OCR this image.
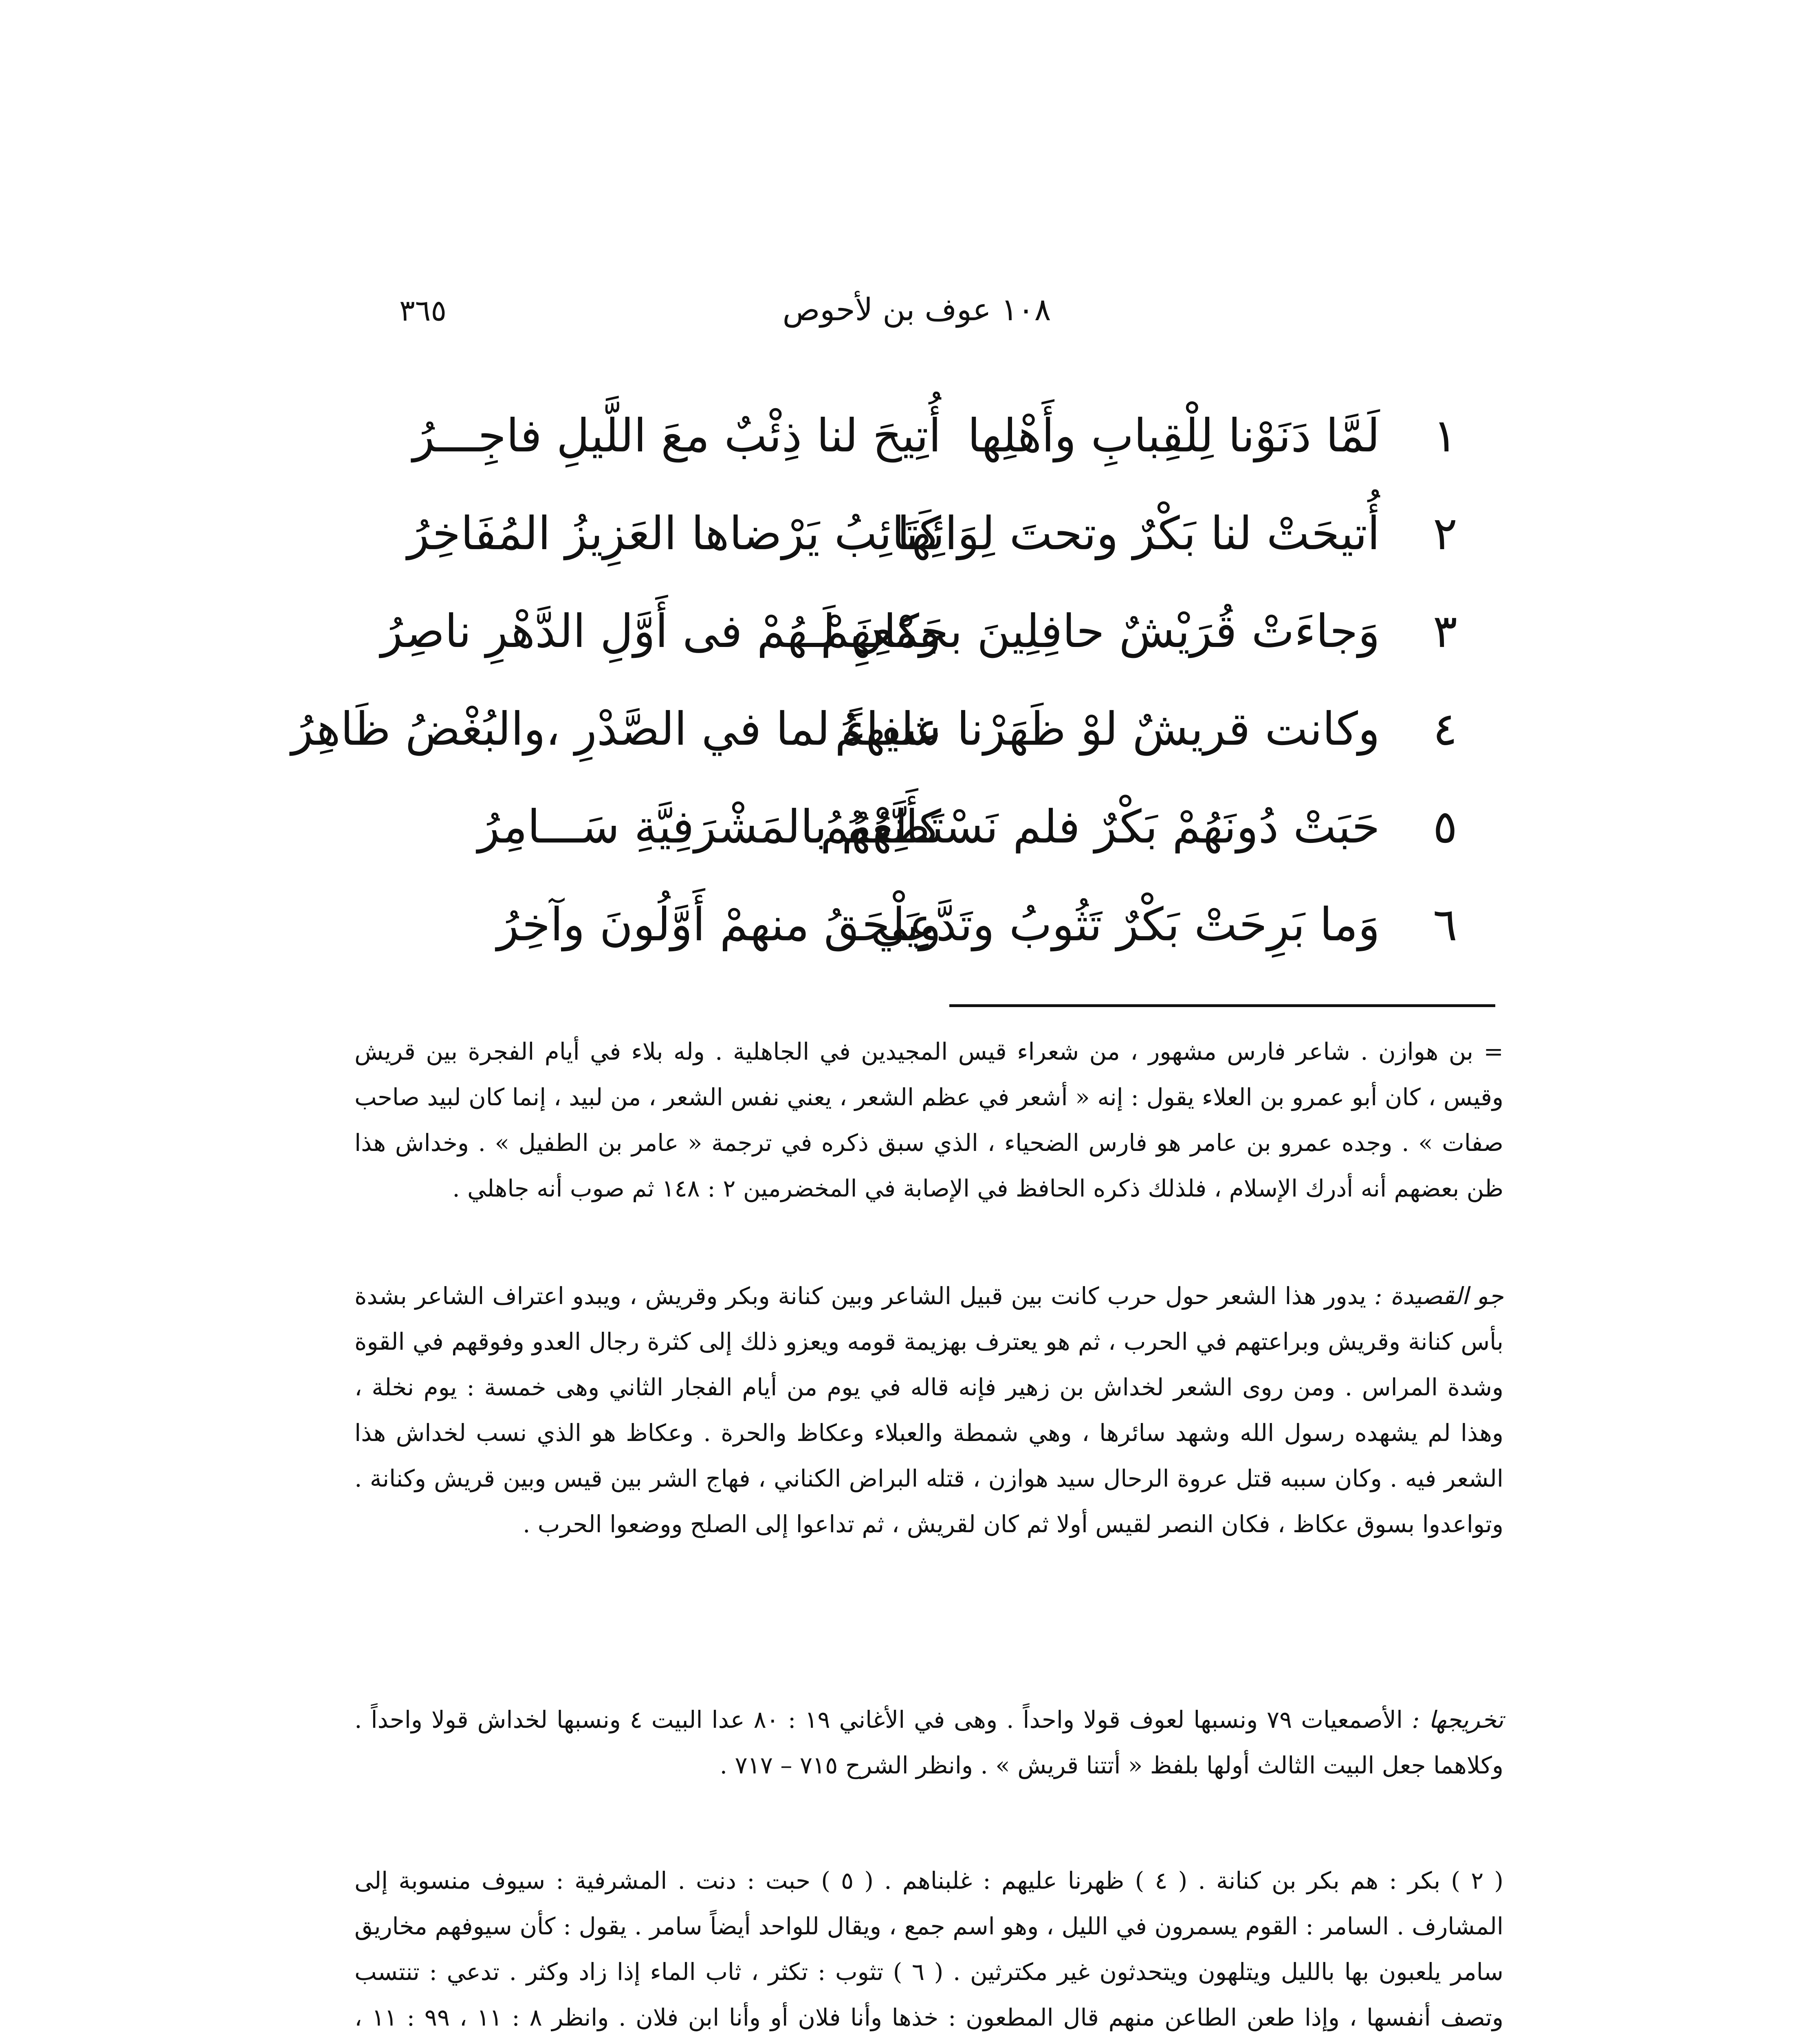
٣٦٥	١٠٨ عوف بن لأحوص
١
لَمَّا دَنَوْنا لِلْقِبابِ وأَهْلِها
أُتِيحَ لنا ذِئْبٌ معَ اللَّيلِ فاجِـــرُ
٢
أُتيحَتْ لنا بَكْرٌ وتحتَ لِوَائِها
كَتَائِبُ يَرْضاها العَزِيزُ المُفَاخِرُ
٣
وَجاءَتْ قُرَيْشٌ حافِلِينَ بجَمْعِهِمْ
وكانَ لَـهُمْ فى أَوَّلِ الدَّهْرِ ناصِرُ
٤
وكانت قريشٌ لوْ ظَهَرْنا عليهمُ
شفاءً لما في الصَّدْرِ ،والبُغْضُ ظَاهِرُ
٥
حَبَتْ دُونَهُمْ بَكْرٌ فلم نَسْتَطِعْهُمُ
كأَنَّهُمُ بالمَشْرَفِيَّةِ سَـــامِرُ
٦
وَما بَرِحَتْ بَكْرٌ تَثُوبُ وتَدَّعِي
ويَلْحَقُ منهمْ أَوَّلُونَ وآخِرُ
= بن هوازن . شاعر فارس مشهور ، من شعراء قيس المجيدين في الجاهلية . وله بلاء في أيام الفجرة بين قريش وقيس ، كان أبو عمرو بن العلاء يقول : إنه « أشعر في عظم الشعر ، يعني نفس الشعر ، من لبيد ، إنما كان لبيد صاحب صفات » . وجده عمرو بن عامر هو فارس الضحياء ، الذي سبق ذكره في ترجمة « عامر بن الطفيل » . وخداش هذا ظن بعضهم أنه أدرك الإسلام ، فلذلك ذكره الحافظ في الإصابة في المخضرمين ٢ : ١٤٨ ثم صوب أنه جاهلي .
جو القصيدة : يدور هذا الشعر حول حرب كانت بين قبيل الشاعر وبين كنانة وبكر وقريش ، ويبدو اعتراف الشاعر بشدة بأس كنانة وقريش وبراعتهم في الحرب ، ثم هو يعترف بهزيمة قومه ويعزو ذلك إلى كثرة رجال العدو وفوقهم في القوة وشدة المراس . ومن روى الشعر لخداش بن زهير فإنه قاله في يوم من أيام الفجار الثاني وهى خمسة : يوم نخلة ، وهذا لم يشهده رسول الله وشهد سائرها ، وهي شمطة والعبلاء وعكاظ والحرة . وعكاظ هو الذي نسب لخداش هذا الشعر فيه . وكان سببه قتل عروة الرحال سيد هوازن ، قتله البراض الكناني ، فهاج الشر بين قيس وبين قريش وكنانة . وتواعدوا بسوق عكاظ ، فكان النصر لقيس أولا ثم كان لقريش ، ثم تداعوا إلى الصلح ووضعوا الحرب .
تخريجها : الأصمعيات ٧٩ ونسبها لعوف قولا واحداً . وهى في الأغاني ١٩ : ٨٠ عدا البيت ٤ ونسبها لخداش قولا واحداً . وكلاهما جعل البيت الثالث أولها بلفظ « أتتنا قريش » . وانظر الشرح ٧١٥ – ٧١٧ .
( ٢ ) بكر : هم بكر بن كنانة . ( ٤ ) ظهرنا عليهم : غلبناهم . ( ٥ ) حبت : دنت . المشرفية : سيوف منسوبة إلى المشارف . السامر : القوم يسمرون في الليل ، وهو اسم جمع ، ويقال للواحد أيضاً سامر . يقول : كأن سيوفهم مخاريق سامر يلعبون بها بالليل ويتلهون ويتحدثون غير مكترثين . ( ٦ ) تثوب : تكثر ، ثاب الماء إذا زاد وكثر . تدعي : تنتسب وتصف أنفسها ، وإذا طعن الطاعن منهم قال المطعون : خذها وأنا فلان أو وأنا ابن فلان . وانظر ٨ : ١١ ، ٩٩ : ١١ ،
